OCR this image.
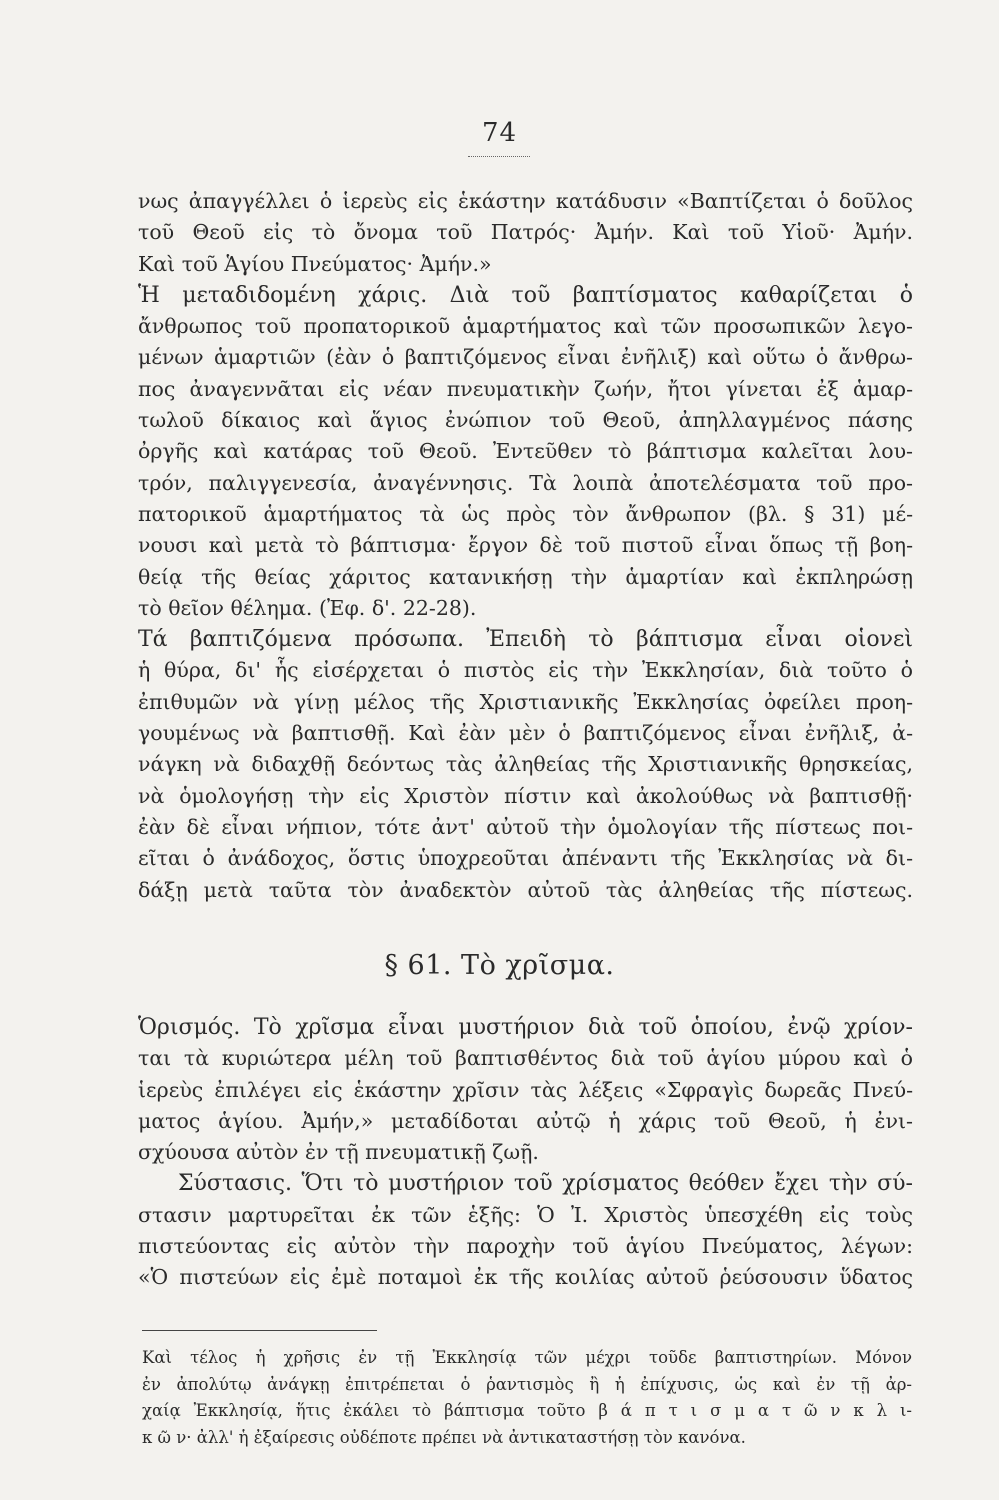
74
νως ἀπαγγέλλει ὁ ἱερεὺς εἰς ἑκάστην κατάδυσιν «Βαπτίζεται ὁ δοῦλος
τοῦ Θεοῦ εἰς τὸ ὄνομα τοῦ Πατρός· Ἀμήν. Καὶ τοῦ Υἱοῦ· Ἀμήν.
Καὶ τοῦ Ἁγίου Πνεύματος· Ἀμήν.»
Ἡ μεταδιδομένη χάρις. Διὰ τοῦ βαπτίσματος καθαρίζεται ὁ
ἄνθρωπος τοῦ προπατορικοῦ ἁμαρτήματος καὶ τῶν προσωπικῶν λεγο-
μένων ἁμαρτιῶν (ἐὰν ὁ βαπτιζόμενος εἶναι ἐνῆλιξ) καὶ οὕτω ὁ ἄνθρω-
πος ἀναγεννᾶται εἰς νέαν πνευματικὴν ζωήν, ἤτοι γίνεται ἐξ ἁμαρ-
τωλοῦ δίκαιος καὶ ἅγιος ἐνώπιον τοῦ Θεοῦ, ἀπηλλαγμένος πάσης
ὀργῆς καὶ κατάρας τοῦ Θεοῦ. Ἐντεῦθεν τὸ βάπτισμα καλεῖται λου-
τρόν, παλιγγενεσία, ἀναγέννησις. Τὰ λοιπὰ ἀποτελέσματα τοῦ προ-
πατορικοῦ ἁμαρτήματος τὰ ὡς πρὸς τὸν ἄνθρωπον (βλ. § 31) μέ-
νουσι καὶ μετὰ τὸ βάπτισμα· ἔργον δὲ τοῦ πιστοῦ εἶναι ὅπως τῇ βοη-
θείᾳ τῆς θείας χάριτος κατανικήσῃ τὴν ἁμαρτίαν καὶ ἐκπληρώσῃ
τὸ θεῖον θέλημα. (Ἐφ. δ'. 22-28).
Τά βαπτιζόμενα πρόσωπα. Ἐπειδὴ τὸ βάπτισμα εἶναι οἱονεὶ
ἡ θύρα, δι' ἧς εἰσέρχεται ὁ πιστὸς εἰς τὴν Ἐκκλησίαν, διὰ τοῦτο ὁ
ἐπιθυμῶν νὰ γίνῃ μέλος τῆς Χριστιανικῆς Ἐκκλησίας ὀφείλει προη-
γουμένως νὰ βαπτισθῇ. Καὶ ἐὰν μὲν ὁ βαπτιζόμενος εἶναι ἐνῆλιξ, ἀ-
νάγκη νὰ διδαχθῇ δεόντως τὰς ἀληθείας τῆς Χριστιανικῆς θρησκείας,
νὰ ὁμολογήσῃ τὴν εἰς Χριστὸν πίστιν καὶ ἀκολούθως νὰ βαπτισθῇ·
ἐὰν δὲ εἶναι νήπιον, τότε ἀντ' αὐτοῦ τὴν ὁμολογίαν τῆς πίστεως ποι-
εῖται ὁ ἀνάδοχος, ὅστις ὑποχρεοῦται ἀπέναντι τῆς Ἐκκλησίας νὰ δι-
δάξῃ μετὰ ταῦτα τὸν ἀναδεκτὸν αὐτοῦ τὰς ἀληθείας τῆς πίστεως.
§ 61. Τὸ χρῖσμα.
Ὁρισμός. Τὸ χρῖσμα εἶναι μυστήριον διὰ τοῦ ὁποίου, ἐνῷ χρίον-
ται τὰ κυριώτερα μέλη τοῦ βαπτισθέντος διὰ τοῦ ἁγίου μύρου καὶ ὁ
ἱερεὺς ἐπιλέγει εἰς ἑκάστην χρῖσιν τὰς λέξεις «Σφραγὶς δωρεᾶς Πνεύ-
ματος ἁγίου. Ἀμήν,» μεταδίδοται αὐτῷ ἡ χάρις τοῦ Θεοῦ, ἡ ἐνι-
σχύουσα αὐτὸν ἐν τῇ πνευματικῇ ζωῇ.
Σύστασις. Ὅτι τὸ μυστήριον τοῦ χρίσματος θεόθεν ἔχει τὴν σύ-
στασιν μαρτυρεῖται ἐκ τῶν ἑξῆς: Ὁ Ἰ. Χριστὸς ὑπεσχέθη εἰς τοὺς
πιστεύοντας εἰς αὐτὸν τὴν παροχὴν τοῦ ἁγίου Πνεύματος, λέγων:
«Ὁ πιστεύων εἰς ἐμὲ ποταμοὶ ἐκ τῆς κοιλίας αὐτοῦ ῥεύσουσιν ὕδατος
Καὶ τέλος ἡ χρῆσις ἐν τῇ Ἐκκλησίᾳ τῶν μέχρι τοῦδε βαπτιστηρίων. Μόνον
ἐν ἀπολύτῳ ἀνάγκῃ ἐπιτρέπεται ὁ ῥαντισμὸς ἢ ἡ ἐπίχυσις, ὡς καὶ ἐν τῇ ἀρ-
χαίᾳ Ἐκκλησίᾳ, ἥτις ἐκάλει τὸ βάπτισμα τοῦτο β ά π τ ι σ μ α τ ῶ ν κ λ ι-
κ ῶ ν· ἀλλ' ἡ ἐξαίρεσις οὐδέποτε πρέπει νὰ ἀντικαταστήσῃ τὸν κανόνα.
